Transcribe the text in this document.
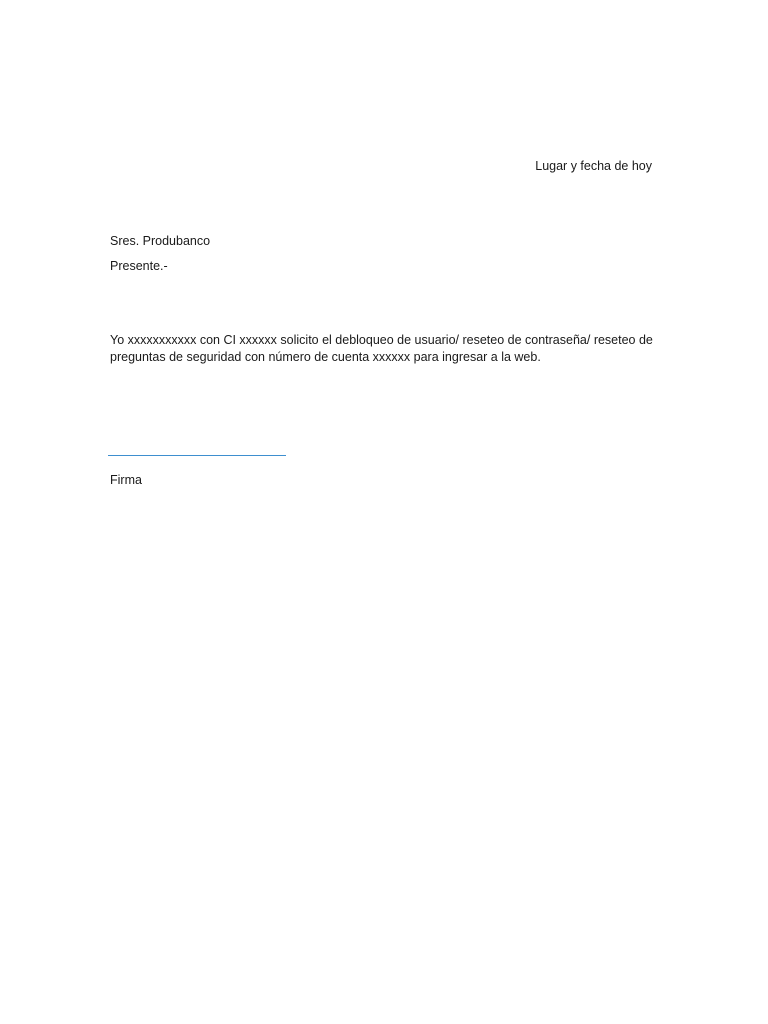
Lugar y fecha de hoy
Sres. Produbanco
Presente.-
Yo xxxxxxxxxxx con CI xxxxxx solicito el debloqueo de usuario/ reseteo de contraseña/ reseteo de preguntas de seguridad con número de cuenta xxxxxx para ingresar a la web.
Firma
